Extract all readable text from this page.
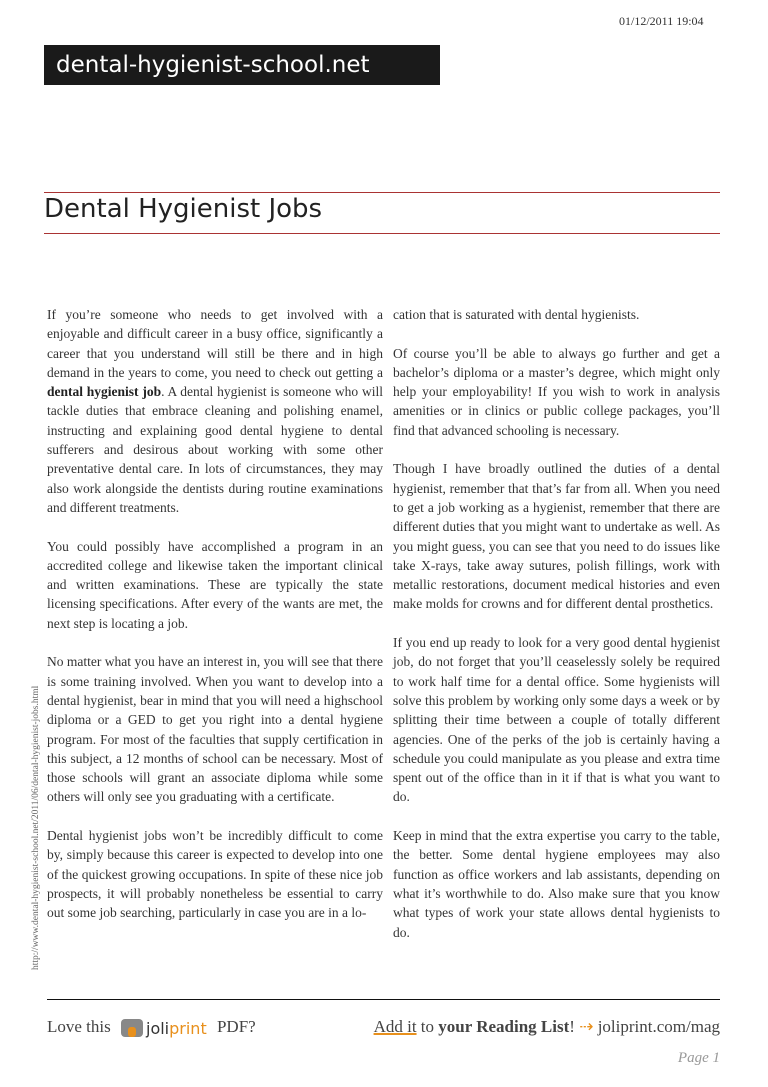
dental-hygienist-school.net
01/12/2011 19:04
Dental Hygienist Jobs
http://www.dental-hygienist-school.net/2011/06/dental-hygienist-jobs.html

If you’re someone who needs to get involved with a enjoyable and difficult career in a busy office, significantly a career that you understand will still be there and in high demand in the years to come, you need to check out getting a dental hygienist job. A dental hygienist is someone who will tackle duties that embrace cleaning and polishing enamel, instructing and explaining good dental hygiene to dental sufferers and desirous about working with some other preventative dental care. In lots of circumstances, they may also work alongside the dentists during routine examinations and different treatments.

You could possibly have accomplished a program in an accredited college and likewise taken the important clinical and written examinations. These are typically the state licensing specifications. After every of the wants are met, the next step is locating a job.

No matter what you have an interest in, you will see that there is some training involved. When you want to develop into a dental hygienist, bear in mind that you will need a highschool diploma or a GED to get you right into a dental hygiene program. For most of the faculties that supply certification in this subject, a 12 months of school can be necessary. Most of those schools will grant an associate diploma while some others will only see you graduating with a certificate.

Dental hygienist jobs won’t be incredibly difficult to come by, simply because this career is expected to develop into one of the quickest growing occupations. In spite of these nice job prospects, it will probably nonetheless be essential to carry out some job searching, particularly in case you are in a lo-

cation that is saturated with dental hygienists.

Of course you’ll be able to always go further and get a bachelor’s diploma or a master’s degree, which might only help your employability! If you wish to work in analysis amenities or in clinics or public college packages, you’ll find that advanced schooling is necessary.

Though I have broadly outlined the duties of a dental hygienist, remember that that’s far from all. When you need to get a job working as a hygienist, remember that there are different duties that you might want to undertake as well. As you might guess, you can see that you need to do issues like take X-rays, take away sutures, polish fillings, work with metallic restorations, document medical histories and even make molds for crowns and for different dental prosthetics.

If you end up ready to look for a very good dental hygienist job, do not forget that you’ll ceaselessly solely be required to work half time for a dental office. Some hygienists will solve this problem by working only some days a week or by splitting their time between a couple of totally different agencies. One of the perks of the job is certainly having a schedule you could manipulate as you please and extra time spent out of the office than in it if that is what you want to do.

Keep in mind that the extra expertise you carry to the table, the better. Some dental hygiene employees may also function as office workers and lab assistants, depending on what it’s worthwhile to do. Also make sure that you know what types of work your state allows dental hygienists to do.

Love this joli print PDF?	Add it to your Reading List! ⇢ joliprint.com/mag
Page 1
